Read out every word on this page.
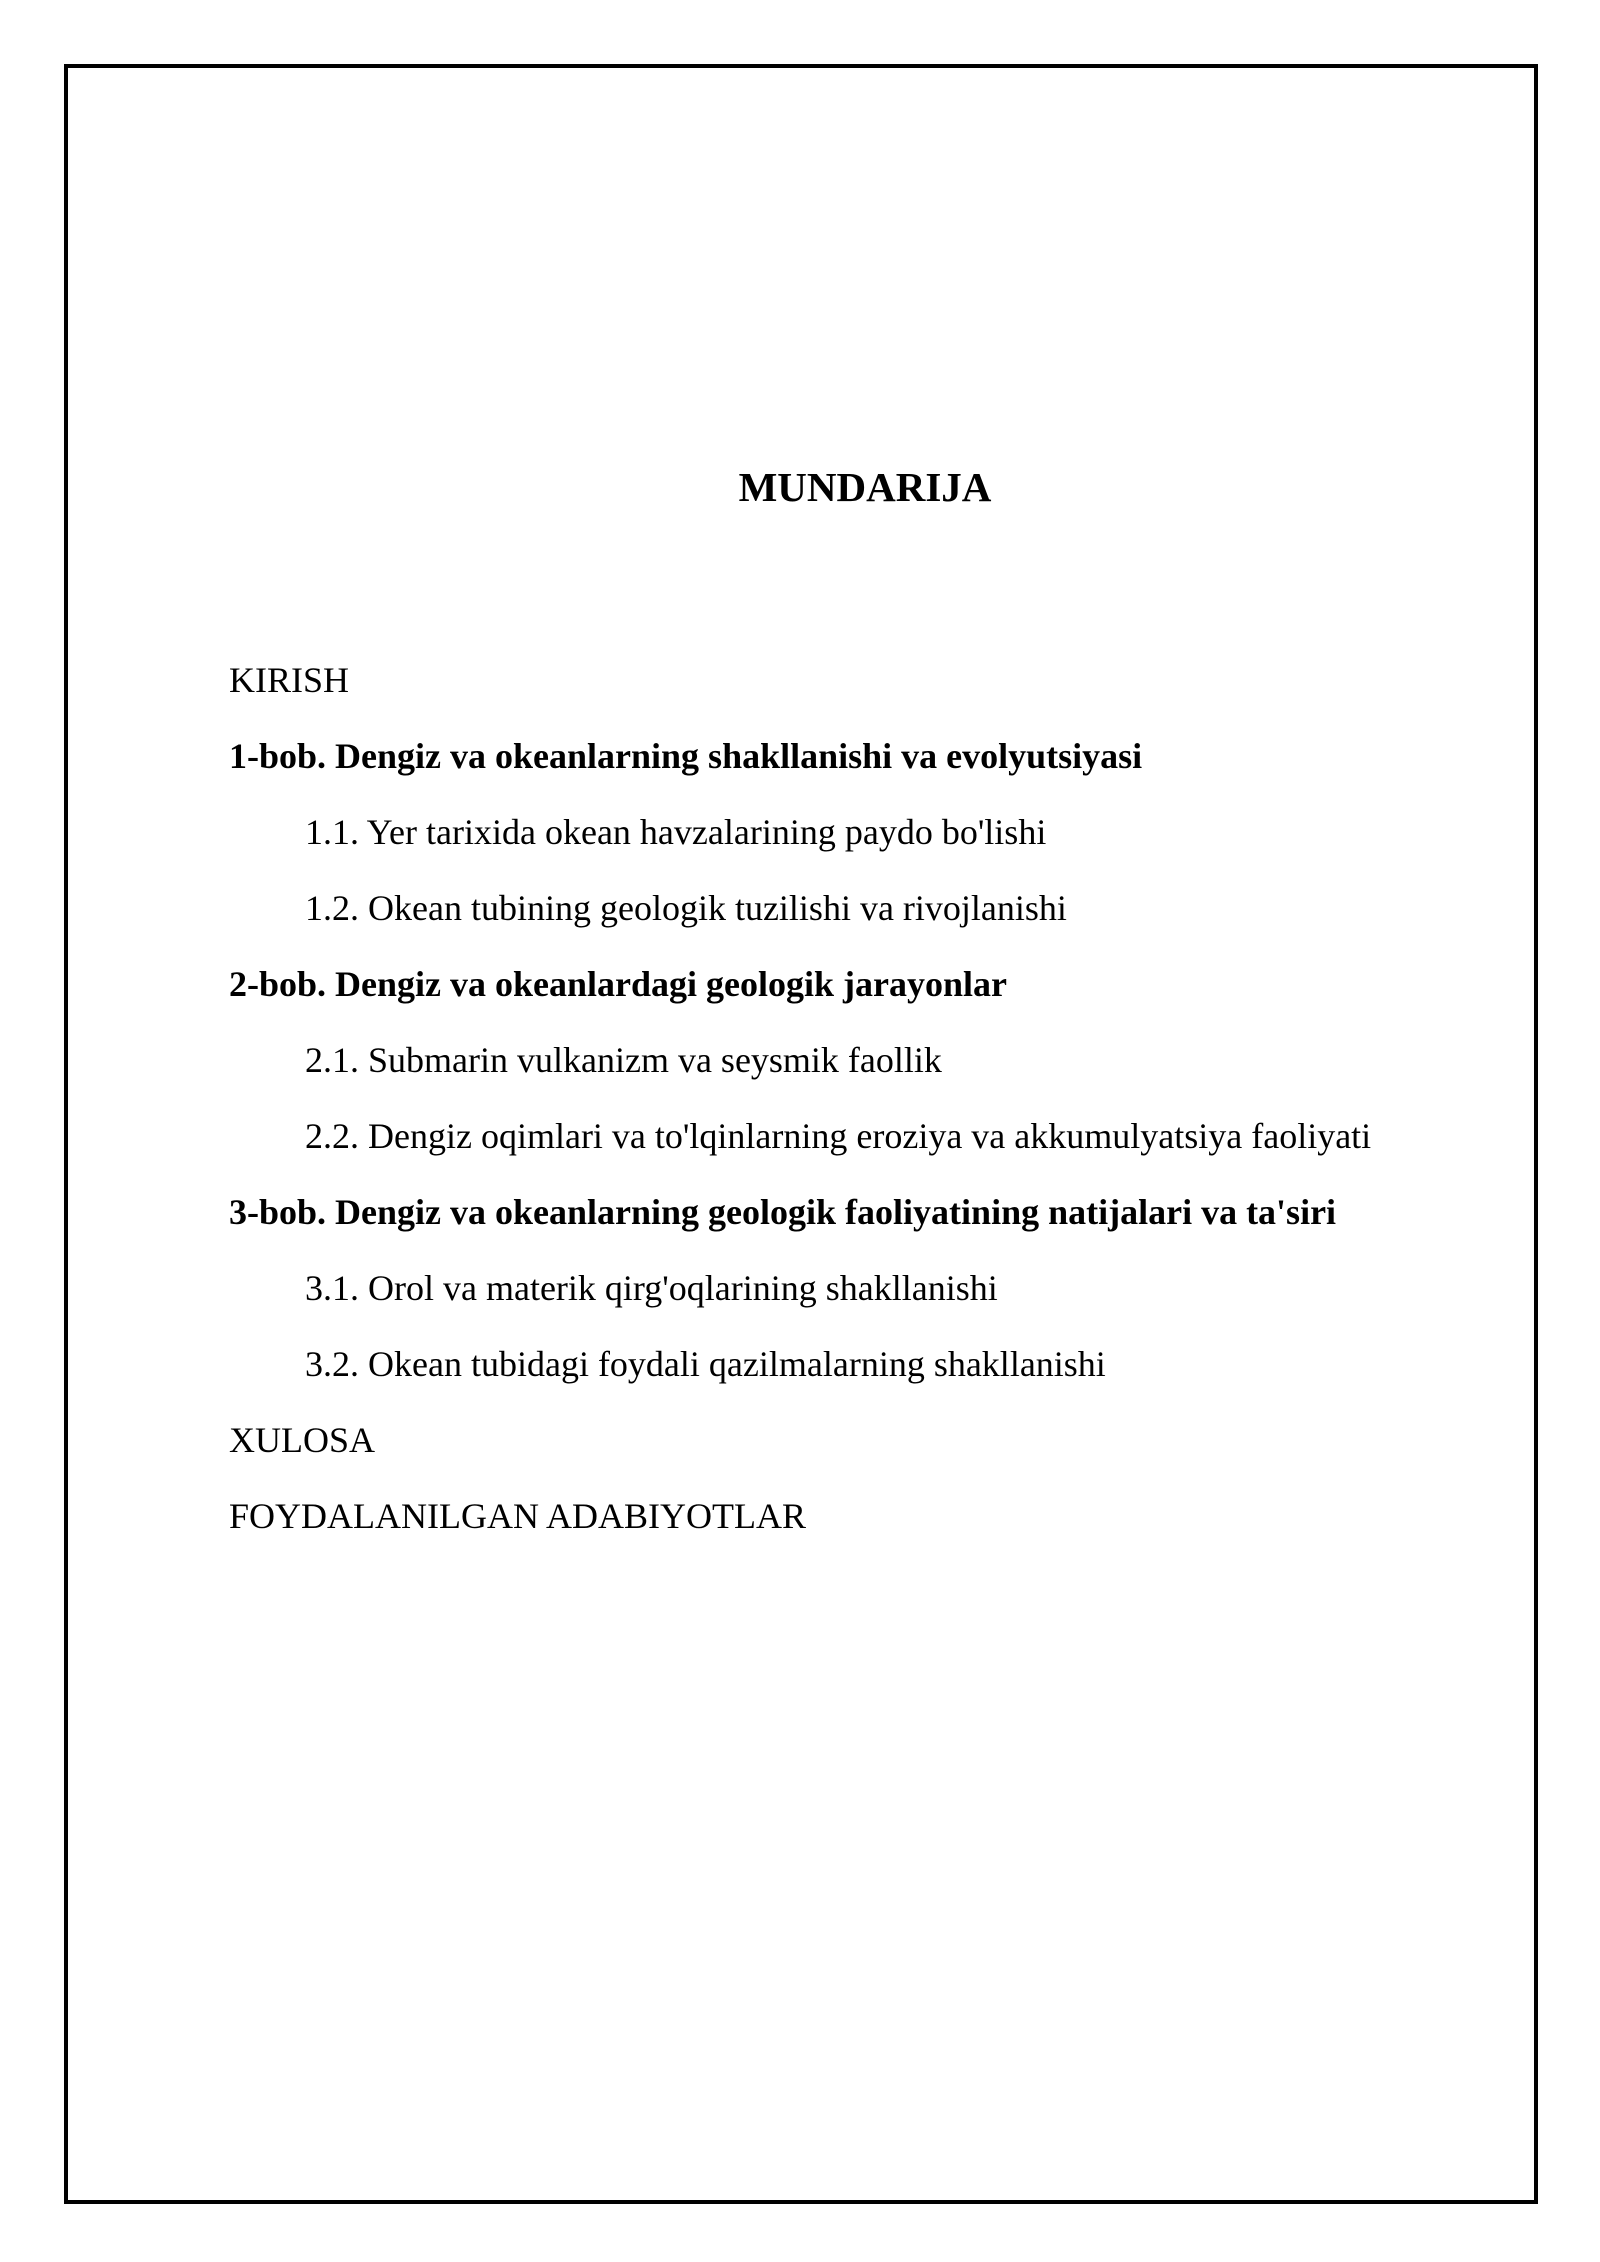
MUNDARIJA
KIRISH
1-bob. Dengiz va okeanlarning shakllanishi va evolyutsiyasi
1.1. Yer tarixida okean havzalarining paydo bo'lishi
1.2. Okean tubining geologik tuzilishi va rivojlanishi
2-bob. Dengiz va okeanlardagi geologik jarayonlar
2.1. Submarin vulkanizm va seysmik faollik
2.2. Dengiz oqimlari va to'lqinlarning eroziya va akkumulyatsiya faoliyati
3-bob. Dengiz va okeanlarning geologik faoliyatining natijalari va ta'siri
3.1. Orol va materik qirg'oqlarining shakllanishi
3.2. Okean tubidagi foydali qazilmalarning shakllanishi
XULOSA
FOYDALANILGAN ADABIYOTLAR
